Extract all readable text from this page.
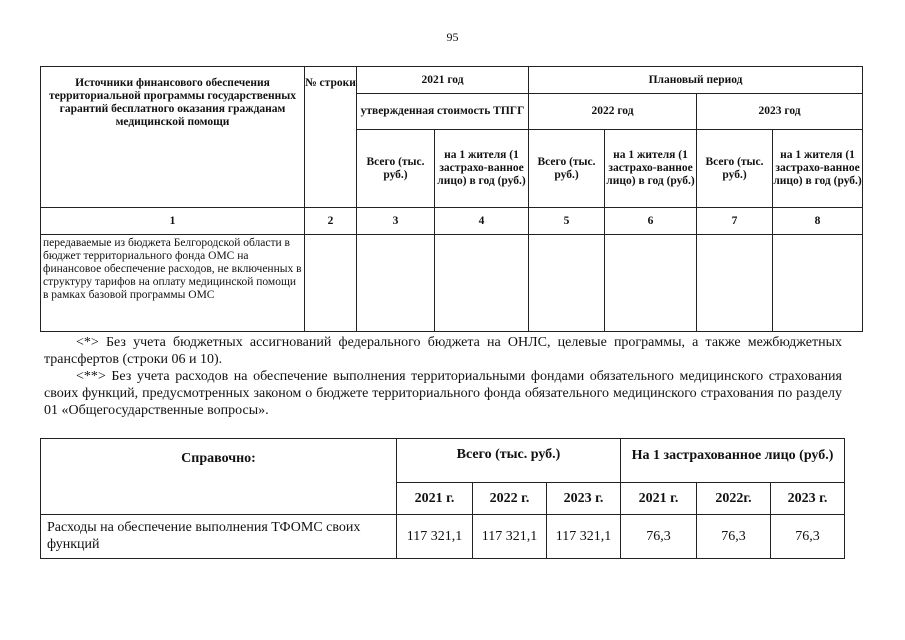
95
Источники финансового обеспечения территориальной программы государственных гарантий бесплатного оказания гражданам медицинской помощи	№ строки	2021 год		Плановый период			
		утвержденная стоимость ТПГГ		2022 год		2023 год	
		Всего (тыс. руб.)	на 1 жителя (1 застрахо-ванное лицо) в год (руб.)	Всего (тыс. руб.)	на 1 жителя (1 застрахо-ванное лицо) в год (руб.)	Всего (тыс. руб.)	на 1 жителя (1 застрахо-ванное лицо) в год (руб.)
1	2	3	4	5	6	7	8
передаваемые из бюджета Белгородской области в бюджет территориального фонда ОМС на финансовое обеспечение расходов, не включенных в структуру тарифов на оплату медицинской помощи в рамках базовой программы ОМС							
<*> Без учета бюджетных ассигнований федерального бюджета на ОНЛС, целевые программы, а также межбюджетных трансфертов (строки 06 и 10).
<**> Без учета расходов на обеспечение выполнения территориальными фондами обязательного медицинского страхования своих функций, предусмотренных законом о бюджете территориального фонда обязательного медицинского страхования по разделу 01 «Общегосударственные вопросы».
Справочно:	Всего (тыс. руб.)			На 1 застрахованное лицо (руб.)		
	2021 г.	2022 г.	2023 г.	2021 г.	2022г.	2023 г.
Расходы на обеспечение выполнения ТФОМС своих функций	117 321,1	117 321,1	117 321,1	76,3	76,3	76,3
